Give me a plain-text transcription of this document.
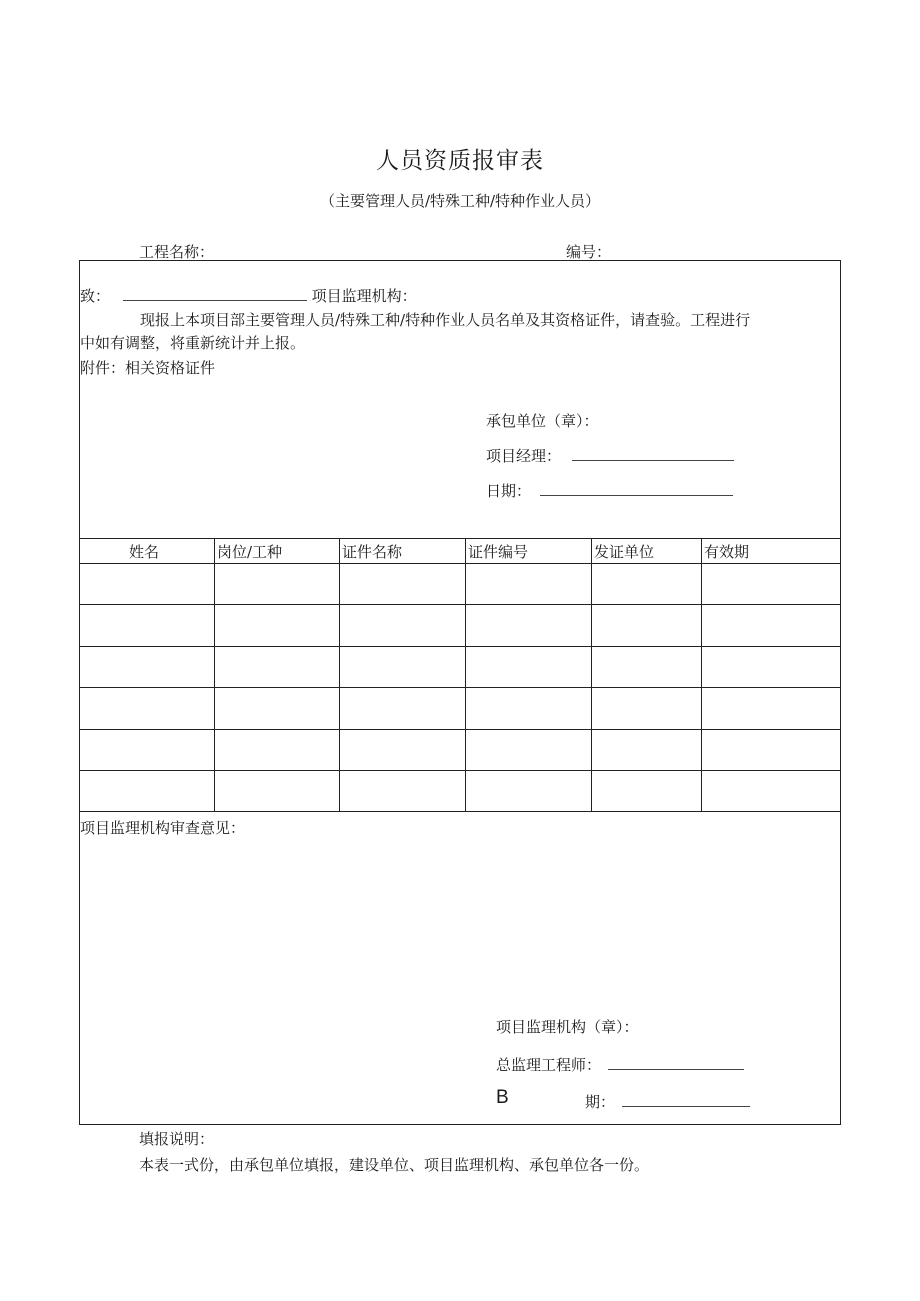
人员资质报审表
（主要管理人员/特殊工种/特种作业人员）
工程名称：	编号：
致：	项目监理机构：
现报上本项目部主要管理人员/特殊工种/特种作业人员名单及其资格证件，请查验。工程进行
中如有调整，将重新统计并上报。
附件：相关资格证件
承包单位（章）：
项目经理：
日期：
姓名	岗位/工种	证件名称	证件编号	发证单位	有效期
项目监理机构审查意见：
项目监理机构（章）：
总监理工程师：
B	期：
填报说明：
本表一式份，由承包单位填报，建设单位、项目监理机构、承包单位各一份。
